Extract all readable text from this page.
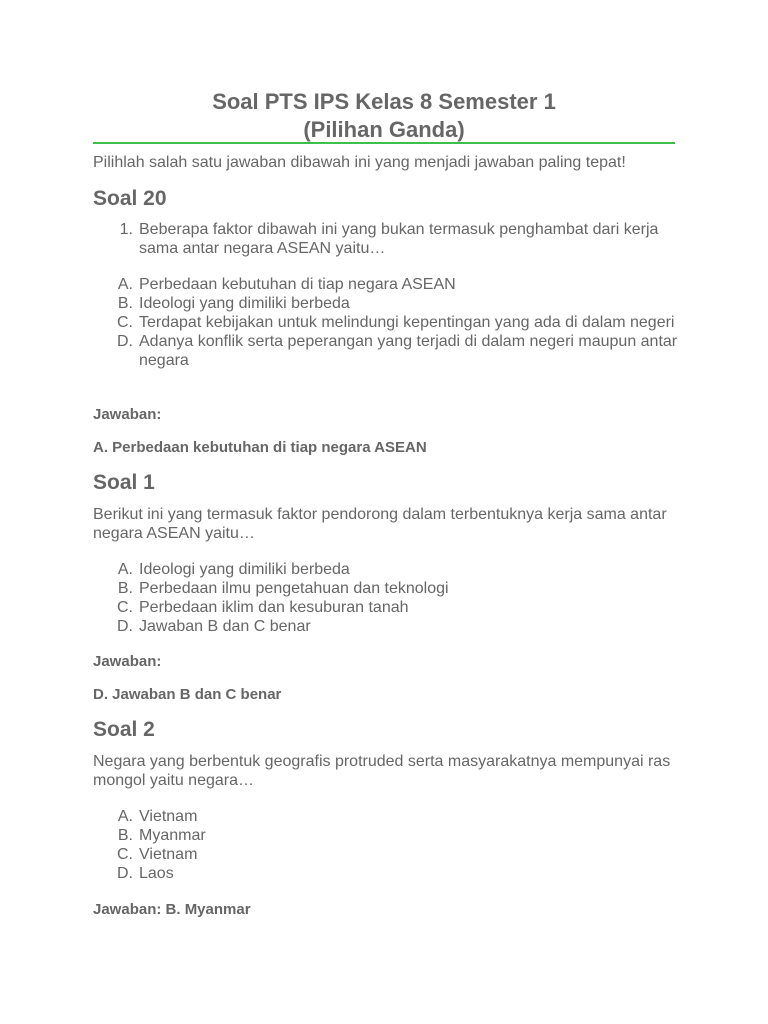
Soal PTS IPS Kelas 8 Semester 1
(Pilihan Ganda)
Pilihlah salah satu jawaban dibawah ini yang menjadi jawaban paling tepat!
Soal 20
1. Beberapa faktor dibawah ini yang bukan termasuk penghambat dari kerja sama antar negara ASEAN yaitu…
A. Perbedaan kebutuhan di tiap negara ASEAN
B. Ideologi yang dimiliki berbeda
C. Terdapat kebijakan untuk melindungi kepentingan yang ada di dalam negeri
D. Adanya konflik serta peperangan yang terjadi di dalam negeri maupun antar negara
Jawaban:
A. Perbedaan kebutuhan di tiap negara ASEAN
Soal 1
Berikut ini yang termasuk faktor pendorong dalam terbentuknya kerja sama antar negara ASEAN yaitu…
A. Ideologi yang dimiliki berbeda
B. Perbedaan ilmu pengetahuan dan teknologi
C. Perbedaan iklim dan kesuburan tanah
D. Jawaban B dan C benar
Jawaban:
D. Jawaban B dan C benar
Soal 2
Negara yang berbentuk geografis protruded serta masyarakatnya mempunyai ras mongol yaitu negara…
A. Vietnam
B. Myanmar
C. Vietnam
D. Laos
Jawaban: B. Myanmar
